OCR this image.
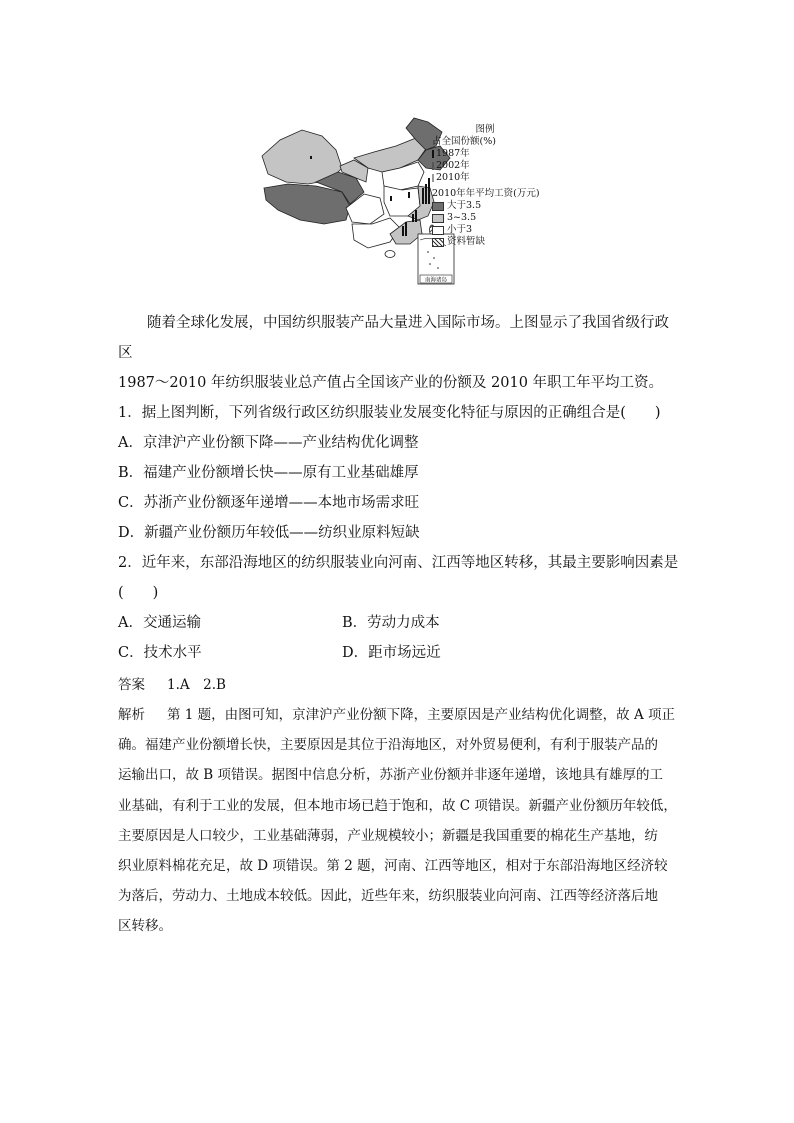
南海诸岛
图例
占全国份额(%)
1987年
2002年
2010年
2010年年平均工资(万元)
大于3.5
3~3.5
小于3
资料暂缺

随着全球化发展，中国纺织服装产品大量进入国际市场。上图显示了我国省级行政区

1987～2010 年纺织服装业总产值占全国该产业的份额及 2010 年职工年平均工资。

1．据上图判断，下列省级行政区纺织服装业发展变化特征与原因的正确组合是(　　)

A．京津沪产业份额下降——产业结构优化调整

B．福建产业份额增长快——原有工业基础雄厚

C．苏浙产业份额逐年递增——本地市场需求旺

D．新疆产业份额历年较低——纺织业原料短缺

2．近年来，东部沿海地区的纺织服装业向河南、江西等地区转移，其最主要影响因素是(　　)

A．交通运输	B．劳动力成本
C．技术水平	D．距市场远近
答案 1.A　2.B

解析 第 1 题，由图可知，京津沪产业份额下降，主要原因是产业结构优化调整，故 A 项正

确。福建产业份额增长快，主要原因是其位于沿海地区，对外贸易便利，有利于服装产品的

运输出口，故 B 项错误。据图中信息分析，苏浙产业份额并非逐年递增，该地具有雄厚的工

业基础，有利于工业的发展，但本地市场已趋于饱和，故 C 项错误。新疆产业份额历年较低，

主要原因是人口较少，工业基础薄弱，产业规模较小；新疆是我国重要的棉花生产基地，纺

织业原料棉花充足，故 D 项错误。第 2 题，河南、江西等地区，相对于东部沿海地区经济较

为落后，劳动力、土地成本较低。因此，近些年来，纺织服装业向河南、江西等经济落后地

区转移。
